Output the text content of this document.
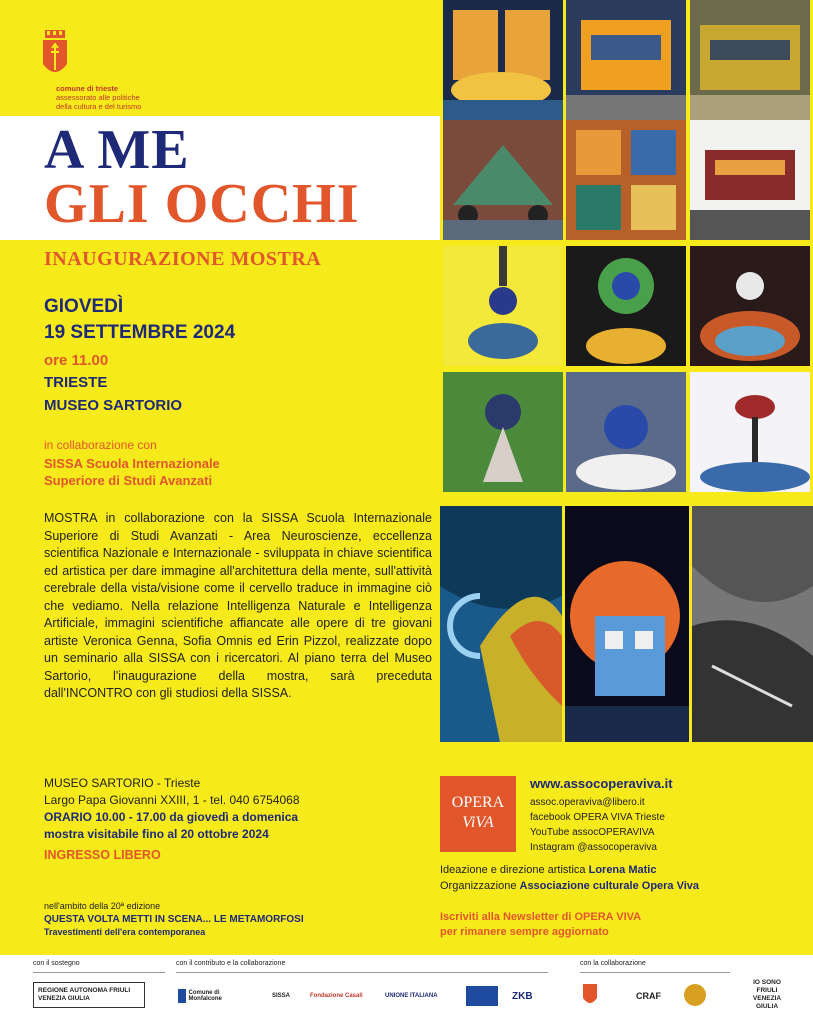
comune di trieste
assessorato alle politiche
della cultura e del turismo
A ME
GLI OCCHI
INAUGURAZIONE MOSTRA
GIOVEDÌ
19 SETTEMBRE 2024
ore 11.00
TRIESTE
MUSEO SARTORIO
in collaborazione con
SISSA Scuola Internazionale
Superiore di Studi Avanzati
MOSTRA in collaborazione con la SISSA Scuola Internazionale Superiore di Studi Avanzati - Area Neuroscienze, eccellenza scientifica Nazionale e Internazionale - sviluppata in chiave scientifica ed artistica per dare immagine all'architettura della mente, sull'attività cerebrale della vista/visione come il cervello traduce in immagine ciò che vediamo. Nella relazione Intelligenza Naturale e Intelligenza Artificiale, immagini scientifiche affiancate alle opere di tre giovani artiste Veronica Genna, Sofia Omnis ed Erin Pizzol, realizzate dopo un seminario alla SISSA con i ricercatori. Al piano terra del Museo Sartorio, l'inaugurazione della mostra, sarà preceduta dall'INCONTRO con gli studiosi della SISSA.
MUSEO SARTORIO - Trieste
Largo Papa Giovanni XXIII, 1 - tel. 040 6754068
ORARIO 10.00 - 17.00 da giovedì a domenica
mostra visitabile fino al 20 ottobre 2024
INGRESSO LIBERO
nell'ambito della 20ª edizione
QUESTA VOLTA METTI IN SCENA... LE METAMORFOSI
Travestimenti dell'era contemporanea
OPERA
ViVA
www.assocoperaviva.it
assoc.operaviva@libero.it
facebook OPERA VIVA Trieste
YouTube assocOPERAVIVA
Instagram @assocoperaviva
Ideazione e direzione artistica Lorena Matic
Organizzazione Associazione culturale Opera Viva
Iscriviti alla Newsletter di OPERA VIVA
per rimanere sempre aggiornato
con il sostegno	con il contributo e la collaborazione	con la collaborazione
REGIONE AUTONOMA FRIULI VENEZIA GIULIA
Comune di Monfalcone	SISSA	Fondazione Casali	UNIONE ITALIANA	ZKB	CRAF
IO SONO FRIULI VENEZIA GIULIA
